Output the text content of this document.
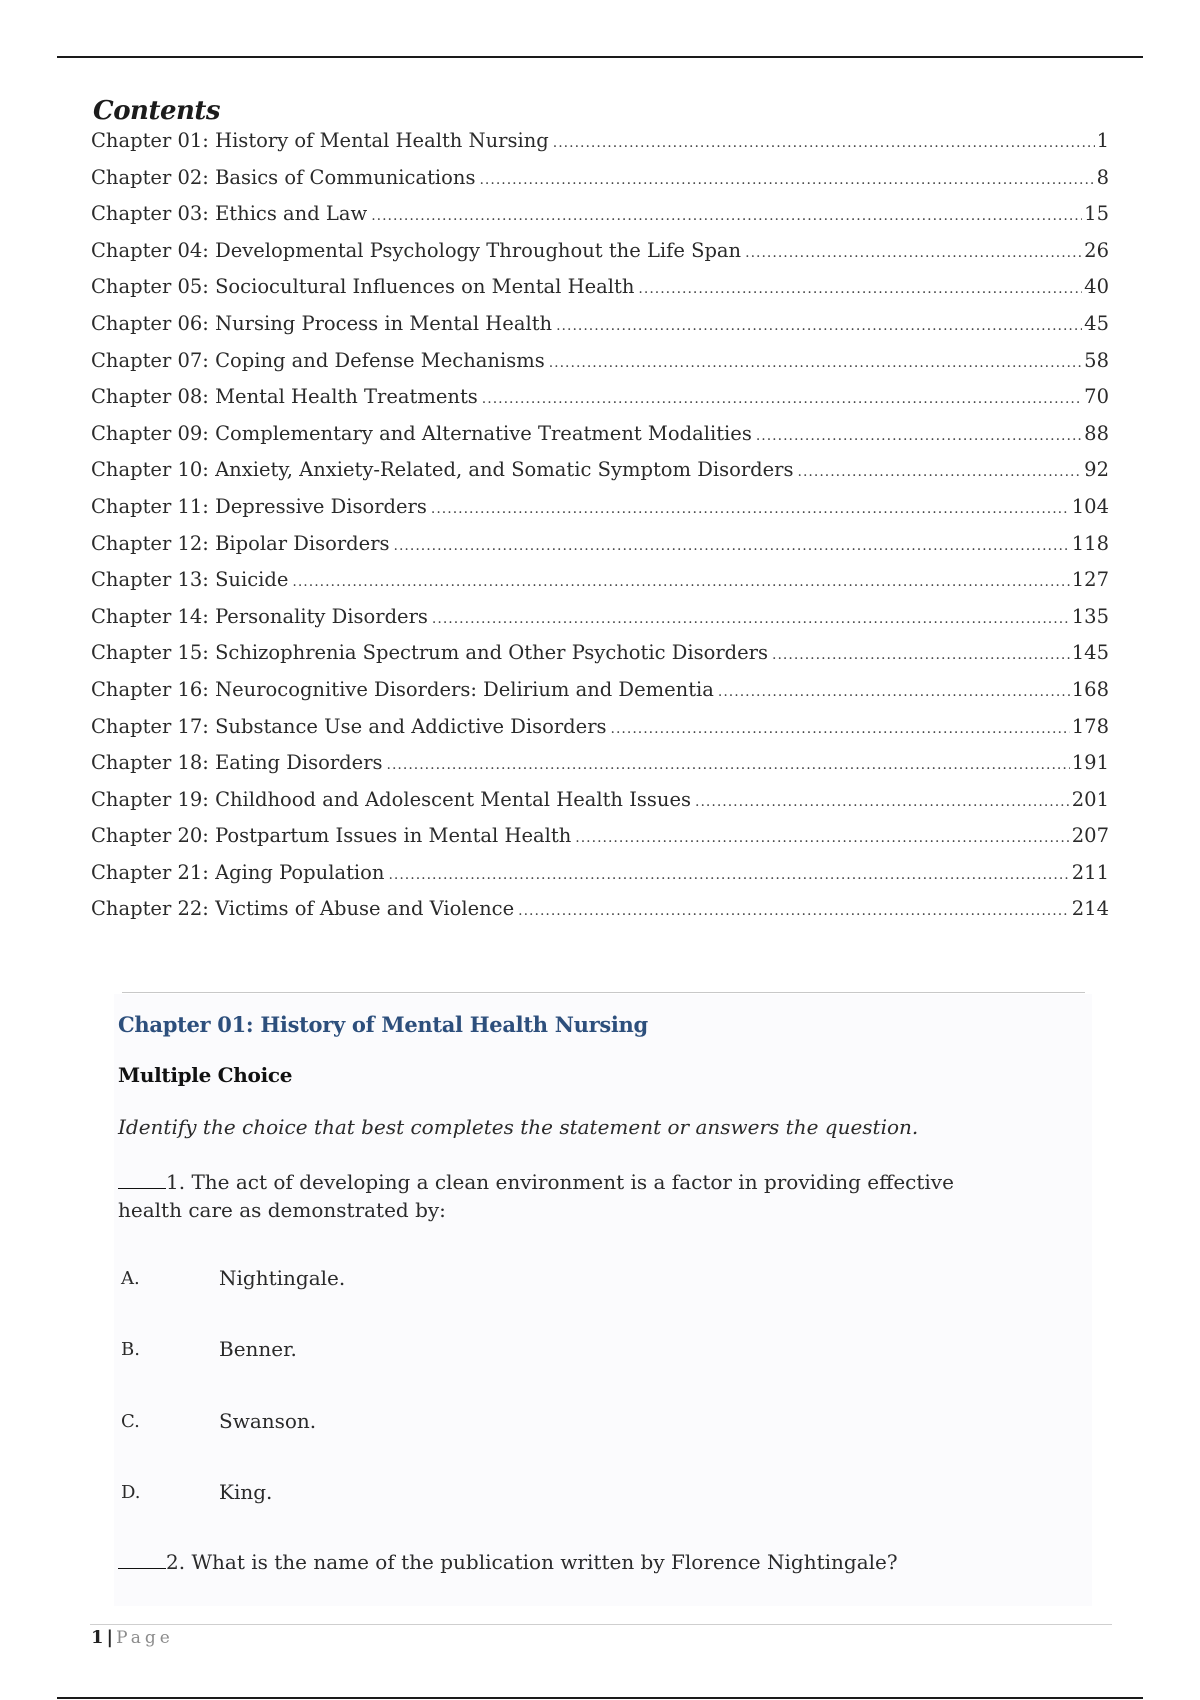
Contents
Chapter 01: History of Mental Health Nursing .....	1
Chapter 02: Basics of Communications .....	8
Chapter 03: Ethics and Law .....	15
Chapter 04: Developmental Psychology Throughout the Life Span .....	26
Chapter 05: Sociocultural Influences on Mental Health .....	40
Chapter 06: Nursing Process in Mental Health .....	45
Chapter 07: Coping and Defense Mechanisms .....	58
Chapter 08: Mental Health Treatments .....	70
Chapter 09: Complementary and Alternative Treatment Modalities .....	88
Chapter 10: Anxiety, Anxiety-Related, and Somatic Symptom Disorders .....	92
Chapter 11: Depressive Disorders .....	104
Chapter 12: Bipolar Disorders .....	118
Chapter 13: Suicide .....	127
Chapter 14: Personality Disorders .....	135
Chapter 15: Schizophrenia Spectrum and Other Psychotic Disorders .....	145
Chapter 16: Neurocognitive Disorders: Delirium and Dementia .....	168
Chapter 17: Substance Use and Addictive Disorders .....	178
Chapter 18: Eating Disorders .....	191
Chapter 19: Childhood and Adolescent Mental Health Issues .....	201
Chapter 20: Postpartum Issues in Mental Health .....	207
Chapter 21: Aging Population .....	211
Chapter 22: Victims of Abuse and Violence .....	214
Chapter 01: History of Mental Health Nursing
Multiple Choice
Identify the choice that best completes the statement or answers the question.
1. The act of developing a clean environment is a factor in providing effective health care as demonstrated by:
A.	Nightingale.
B.	Benner.
C.	Swanson.
D.	King.
2. What is the name of the publication written by Florence Nightingale?
1 | Page
